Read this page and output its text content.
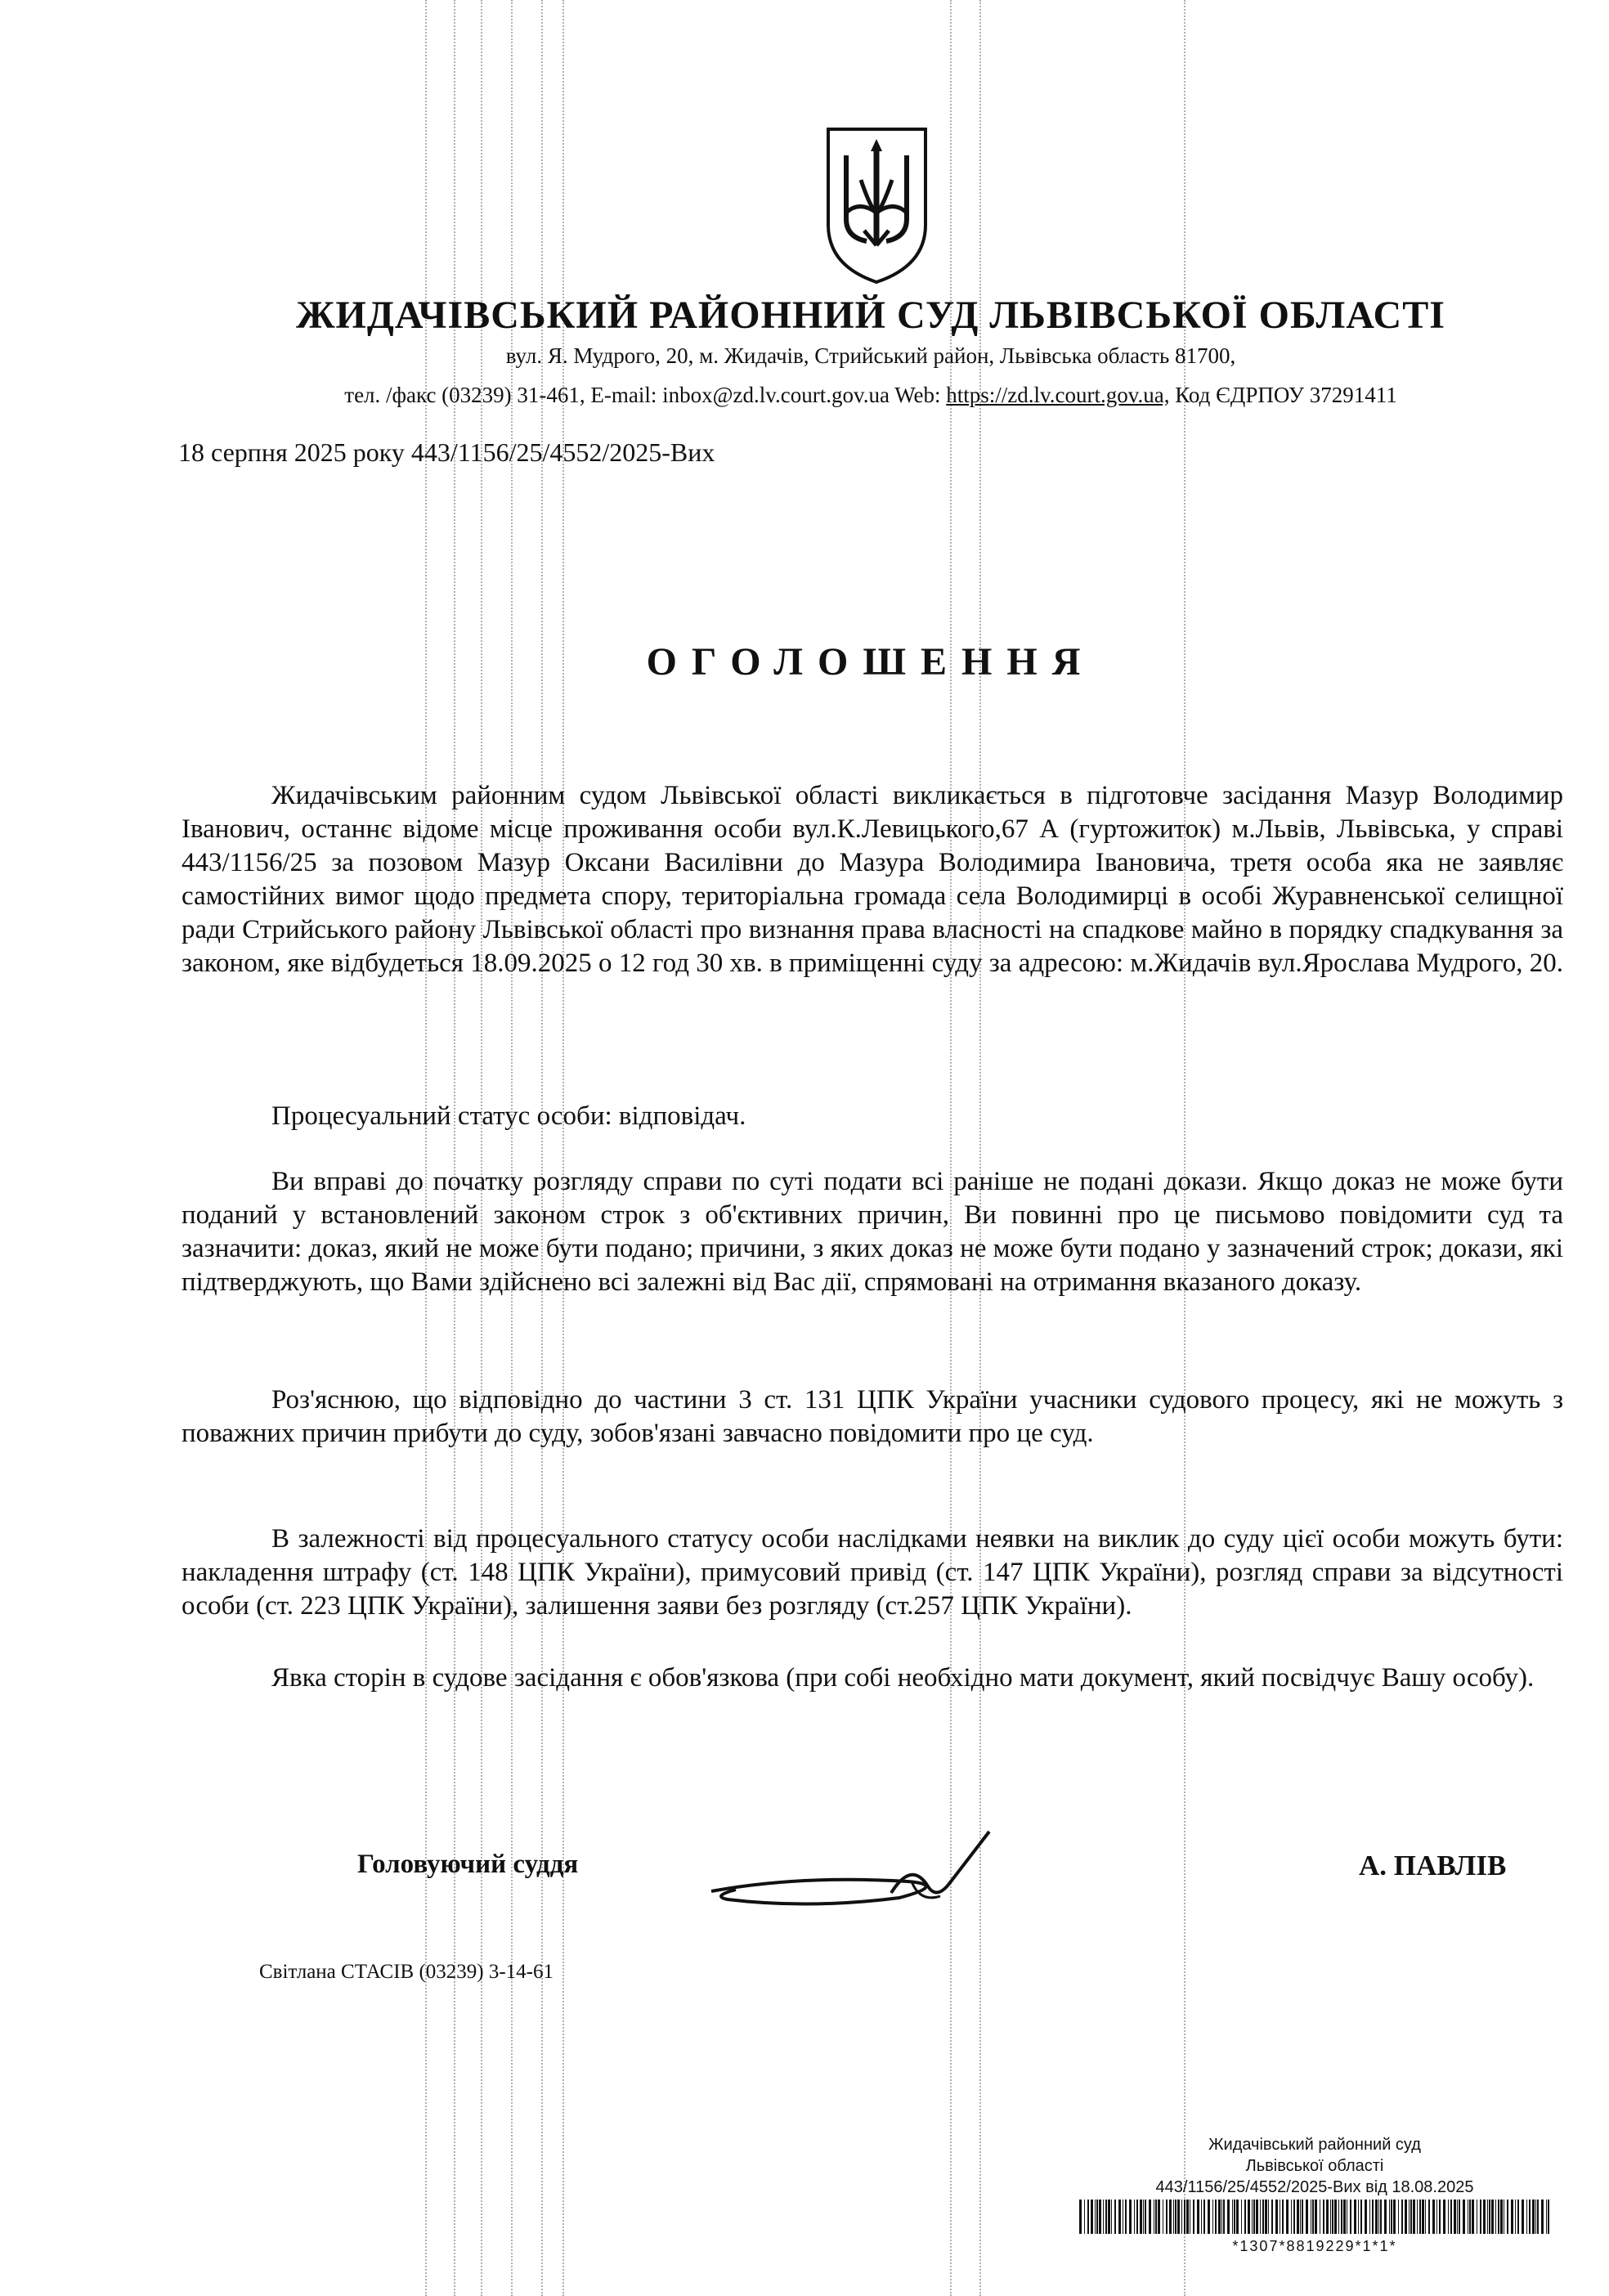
ЖИДАЧІВСЬКИЙ РАЙОННИЙ СУД ЛЬВІВСЬКОЇ ОБЛАСТІ
вул. Я. Мудрого, 20, м. Жидачів, Стрийський район, Львівська область 81700,
тел. /факс (03239) 31-461, E-mail: inbox@zd.lv.court.gov.ua Web: https://zd.lv.court.gov.ua, Код ЄДРПОУ 37291411
18 серпня 2025 року 443/1156/25/4552/2025-Вих
ОГОЛОШЕННЯ

Жидачівським районним судом Львівської області викликається в підготовче засідання Мазур Володимир Іванович, останнє відоме місце проживання особи вул.К.Левицького,67 А (гуртожиток) м.Львів, Львівська, у справі 443/1156/25 за позовом Мазур Оксани Василівни до Мазура Володимира Івановича, третя особа яка не заявляє самостійних вимог щодо предмета спору, територіальна громада села Володимирці в особі Журавненської селищної ради Стрийського району Львівської області про визнання права власності на спадкове майно в порядку спадкування за законом, яке відбудеться 18.09.2025 о 12 год 30 хв. в приміщенні суду за адресою: м.Жидачів вул.Ярослава Мудрого, 20.

Процесуальний статус особи: відповідач.

Ви вправі до початку розгляду справи по суті подати всі раніше не подані докази. Якщо доказ не може бути поданий у встановлений законом строк з об'єктивних причин, Ви повинні про це письмово повідомити суд та зазначити: доказ, який не може бути подано; причини, з яких доказ не може бути подано у зазначений строк; докази, які підтверджують, що Вами здійснено всі залежні від Вас дії, спрямовані на отримання вказаного доказу.

Роз'яснюю, що відповідно до частини 3 ст. 131 ЦПК України учасники судового процесу, які не можуть з поважних причин прибути до суду, зобов'язані завчасно повідомити про це суд.

В залежності від процесуального статусу особи наслідками неявки на виклик до суду цієї особи можуть бути: накладення штрафу (ст. 148 ЦПК України), примусовий привід (ст. 147 ЦПК України), розгляд справи за відсутності особи (ст. 223 ЦПК України), залишення заяви без розгляду (ст.257 ЦПК України).

Явка сторін в судове засідання є обов'язкова (при собі необхідно мати документ, який посвідчує Вашу особу).

Головуючий суддя	А. ПАВЛІВ
Світлана СТАСІВ (03239) 3-14-61
Жидачівський районний суд
Львівської області
443/1156/25/4552/2025-Вих від 18.08.2025
*1307*8819229*1*1*
